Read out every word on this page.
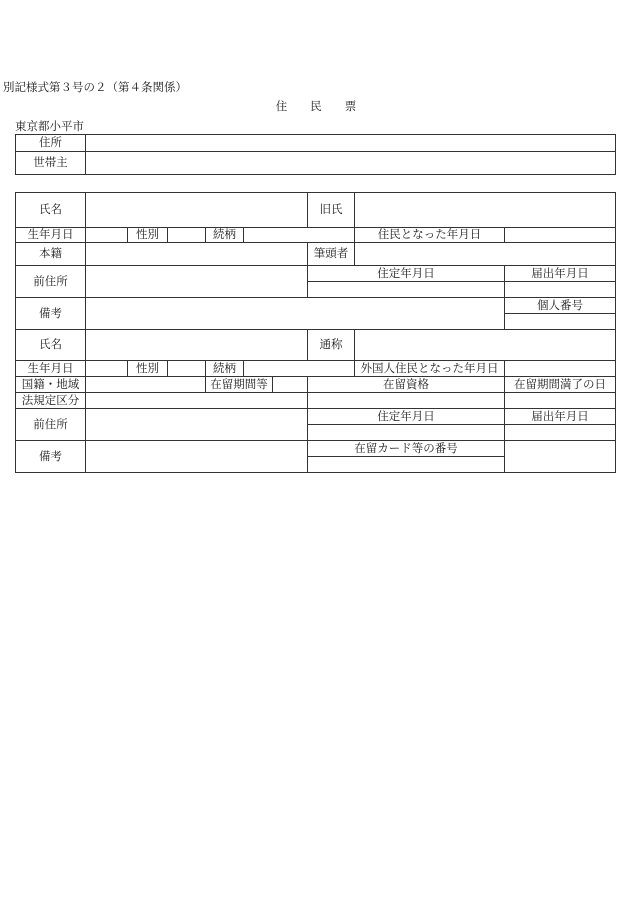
別記様式第３号の２（第４条関係）
住　　民　　票
東京都小平市
住所
世帯主
氏名	旧氏
生年月日	性別	続柄	住民となった年月日
本籍	筆頭者
前住所
住定年月日	届出年月日
備考
個人番号
氏名	通称
生年月日	性別	続柄	外国人住民となった年月日
国籍・地域	在留期間等	在留資格	在留期間満了の日
法規定区分
前住所
住定年月日	届出年月日
備考
在留カード等の番号
